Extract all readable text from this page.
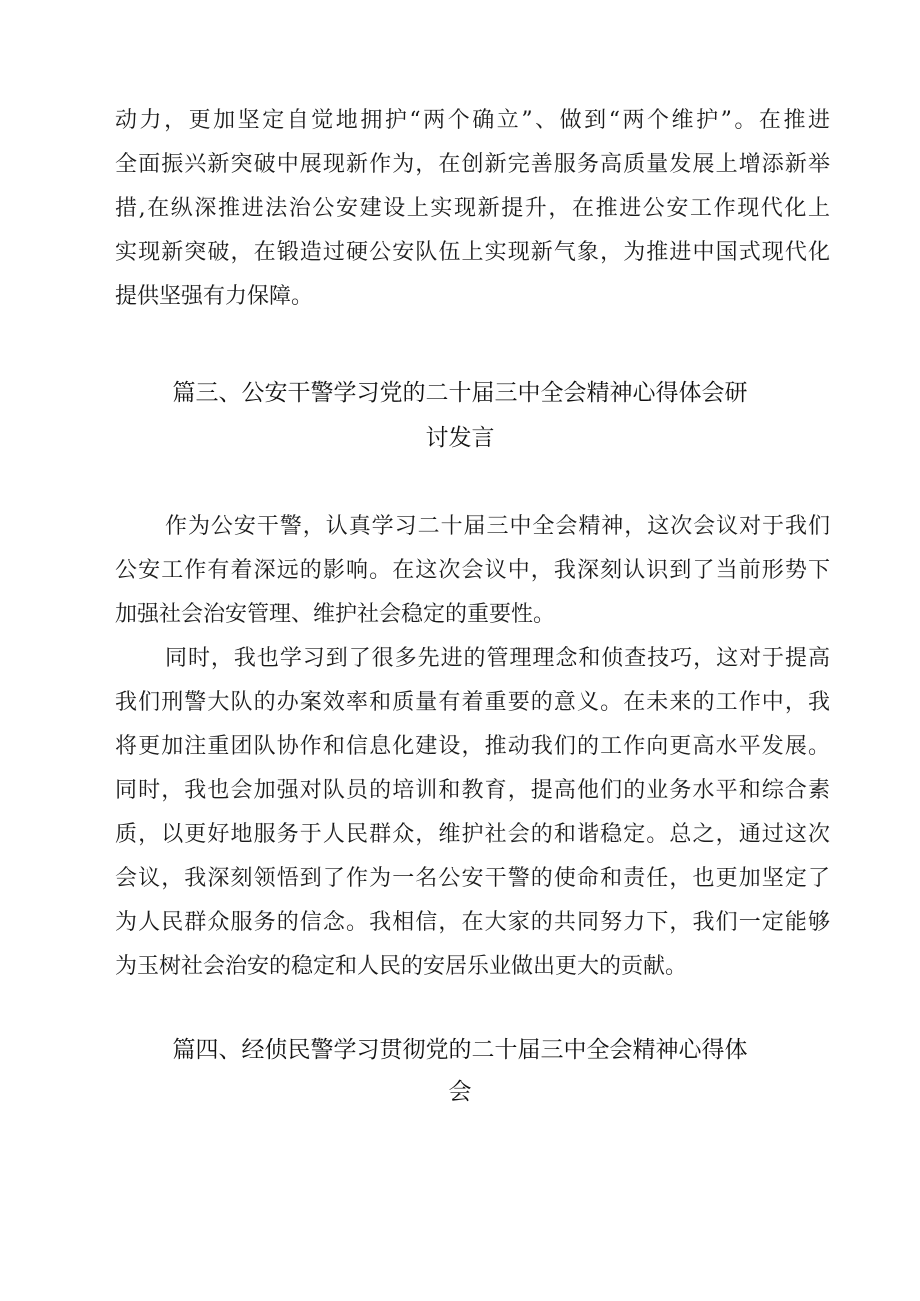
动力，更加坚定自觉地拥护“两个确立”、做到“两个维护”。在推进
全面振兴新突破中展现新作为，在创新完善服务高质量发展上增添新举
措,在纵深推进法治公安建设上实现新提升，在推进公安工作现代化上
实现新突破，在锻造过硬公安队伍上实现新气象，为推进中国式现代化
提供坚强有力保障。
篇三、公安干警学习党的二十届三中全会精神心得体会研
讨发言
作为公安干警，认真学习二十届三中全会精神，这次会议对于我们
公安工作有着深远的影响。在这次会议中，我深刻认识到了当前形势下
加强社会治安管理、维护社会稳定的重要性。
同时，我也学习到了很多先进的管理理念和侦查技巧，这对于提高
我们刑警大队的办案效率和质量有着重要的意义。在未来的工作中，我
将更加注重团队协作和信息化建设，推动我们的工作向更高水平发展。
同时，我也会加强对队员的培训和教育，提高他们的业务水平和综合素
质，以更好地服务于人民群众，维护社会的和谐稳定。总之，通过这次
会议，我深刻领悟到了作为一名公安干警的使命和责任，也更加坚定了
为人民群众服务的信念。我相信，在大家的共同努力下，我们一定能够
为玉树社会治安的稳定和人民的安居乐业做出更大的贡献。
篇四、经侦民警学习贯彻党的二十届三中全会精神心得体
会
